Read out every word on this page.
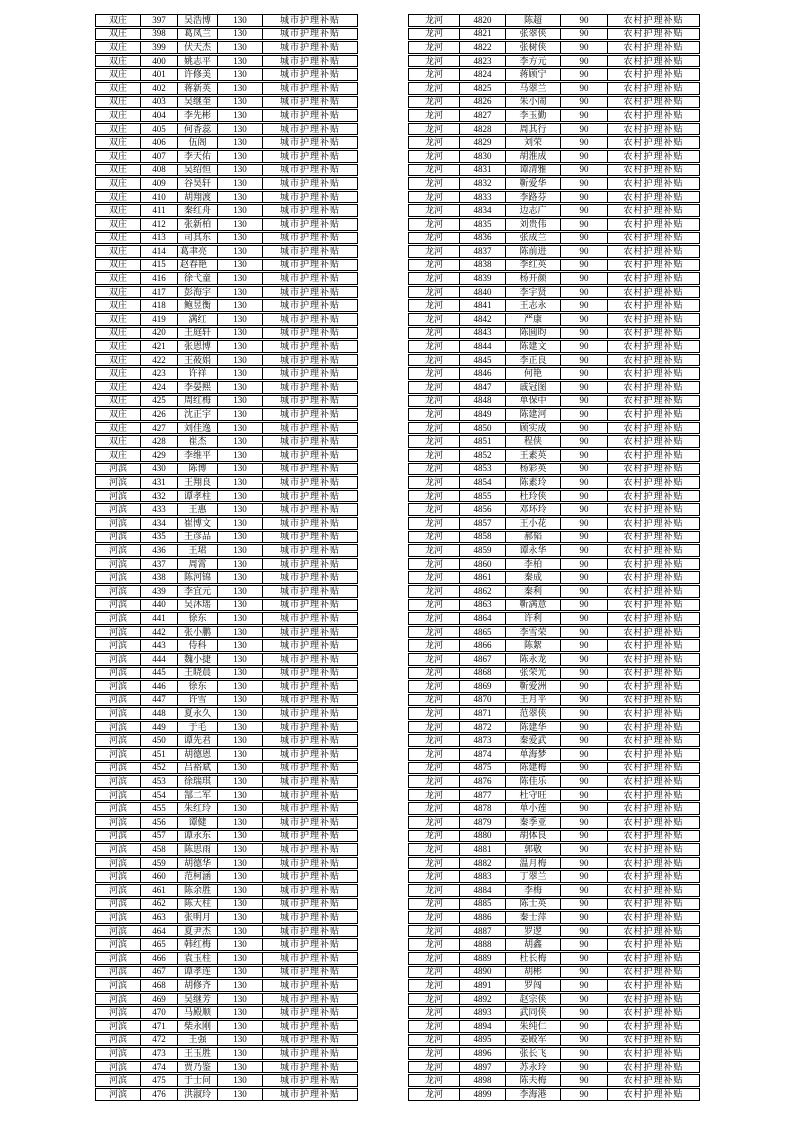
双庄	397	吴浩博	130	城市护理补贴
双庄	398	葛凤兰	130	城市护理补贴
双庄	399	伏天杰	130	城市护理补贴
双庄	400	姚志平	130	城市护理补贴
双庄	401	许修美	130	城市护理补贴
双庄	402	蒋新英	130	城市护理补贴
双庄	403	吴继奎	130	城市护理补贴
双庄	404	李先彬	130	城市护理补贴
双庄	405	何香蕊	130	城市护理补贴
双庄	406	伍阁	130	城市护理补贴
双庄	407	李天佑	130	城市护理补贴
双庄	408	吴绍恒	130	城市护理补贴
双庄	409	谷昊轩	130	城市护理补贴
双庄	410	胡翔渡	130	城市护理补贴
双庄	411	秦红舟	130	城市护理补贴
双庄	412	张新柏	130	城市护理补贴
双庄	413	司其东	130	城市护理补贴
双庄	414	葛聿亮	130	城市护理补贴
双庄	415	赵春艳	130	城市护理补贴
双庄	416	徐弋童	130	城市护理补贴
双庄	417	彭海宇	130	城市护理补贴
双庄	418	鲍昱衡	130	城市护理补贴
双庄	419	满红	130	城市护理补贴
双庄	420	王庭轩	130	城市护理补贴
双庄	421	张恩博	130	城市护理补贴
双庄	422	王莜娟	130	城市护理补贴
双庄	423	许祥	130	城市护理补贴
双庄	424	李晏熙	130	城市护理补贴
双庄	425	周红梅	130	城市护理补贴
双庄	426	沈正宇	130	城市护理补贴
双庄	427	刘佳逸	130	城市护理补贴
双庄	428	崔杰	130	城市护理补贴
双庄	429	李维平	130	城市护理补贴
河滨	430	陈博	130	城市护理补贴
河滨	431	王翔良	130	城市护理补贴
河滨	432	谭孝柱	130	城市护理补贴
河滨	433	王惠	130	城市护理补贴
河滨	434	崔博文	130	城市护理补贴
河滨	435	王彦品	130	城市护理补贴
河滨	436	王珺	130	城市护理补贴
河滨	437	周霄	130	城市护理补贴
河滨	438	陈河锦	130	城市护理补贴
河滨	439	李宜元	130	城市护理补贴
河滨	440	吴沐瑶	130	城市护理补贴
河滨	441	徐东	130	城市护理补贴
河滨	442	张小鹏	130	城市护理补贴
河滨	443	侍科	130	城市护理补贴
河滨	444	魏小捷	130	城市护理补贴
河滨	445	王晓晨	130	城市护理补贴
河滨	446	徐东	130	城市护理补贴
河滨	447	许雪	130	城市护理补贴
河滨	448	夏永久	130	城市护理补贴
河滨	449	于毛	130	城市护理补贴
河滨	450	谭先君	130	城市护理补贴
河滨	451	胡德恩	130	城市护理补贴
河滨	452	吕裕斌	130	城市护理补贴
河滨	453	徐瑞琪	130	城市护理补贴
河滨	454	郜二军	130	城市护理补贴
河滨	455	朱红玲	130	城市护理补贴
河滨	456	谭健	130	城市护理补贴
河滨	457	谭永东	130	城市护理补贴
河滨	458	陈思雨	130	城市护理补贴
河滨	459	胡德华	130	城市护理补贴
河滨	460	范柯涵	130	城市护理补贴
河滨	461	陈余胜	130	城市护理补贴
河滨	462	陈大柱	130	城市护理补贴
河滨	463	张明月	130	城市护理补贴
河滨	464	夏尹杰	130	城市护理补贴
河滨	465	韩红梅	130	城市护理补贴
河滨	466	袁玉柱	130	城市护理补贴
河滨	467	谭孝连	130	城市护理补贴
河滨	468	胡修齐	130	城市护理补贴
河滨	469	吴继芳	130	城市护理补贴
河滨	470	马殿顺	130	城市护理补贴
河滨	471	柴永刚	130	城市护理补贴
河滨	472	王强	130	城市护理补贴
河滨	473	王玉胜	130	城市护理补贴
河滨	474	贾乃鉴	130	城市护理补贴
河滨	475	于士问	130	城市护理补贴
河滨	476	洪淑玲	130	城市护理补贴
龙河	4820	陈超	90	农村护理补贴
龙河	4821	张翠侠	90	农村护理补贴
龙河	4822	张树侠	90	农村护理补贴
龙河	4823	李方元	90	农村护理补贴
龙河	4824	蒋顾宁	90	农村护理补贴
龙河	4825	马翠兰	90	农村护理补贴
龙河	4826	朱小闹	90	农村护理补贴
龙河	4827	李玉勤	90	农村护理补贴
龙河	4828	周其行	90	农村护理补贴
龙河	4829	刘荣	90	农村护理补贴
龙河	4830	胡淮成	90	农村护理补贴
龙河	4831	谭清雅	90	农村护理补贴
龙河	4832	靳爱华	90	农村护理补贴
龙河	4833	李路芬	90	农村护理补贴
龙河	4834	边志广	90	农村护理补贴
龙河	4835	刘贵伟	90	农村护理补贴
龙河	4836	张成兰	90	农村护理补贴
龙河	4837	陈前进	90	农村护理补贴
龙河	4838	李红英	90	农村护理补贴
龙河	4839	杨开颜	90	农村护理补贴
龙河	4840	李宇贤	90	农村护理补贴
龙河	4841	王志永	90	农村护理补贴
龙河	4842	严康	90	农村护理补贴
龙河	4843	陈圆昀	90	农村护理补贴
龙河	4844	陈建文	90	农村护理补贴
龙河	4845	李正良	90	农村护理补贴
龙河	4846	何艳	90	农村护理补贴
龙河	4847	戚冠图	90	农村护理补贴
龙河	4848	单保中	90	农村护理补贴
龙河	4849	陈建河	90	农村护理补贴
龙河	4850	顾实成	90	农村护理补贴
龙河	4851	程侠	90	农村护理补贴
龙河	4852	王素英	90	农村护理补贴
龙河	4853	杨彩英	90	农村护理补贴
龙河	4854	陈素玲	90	农村护理补贴
龙河	4855	杜玲侠	90	农村护理补贴
龙河	4856	邓环玲	90	农村护理补贴
龙河	4857	王小花	90	农村护理补贴
龙河	4858	郝韬	90	农村护理补贴
龙河	4859	谭永华	90	农村护理补贴
龙河	4860	李柏	90	农村护理补贴
龙河	4861	秦成	90	农村护理补贴
龙河	4862	秦利	90	农村护理补贴
龙河	4863	靳满意	90	农村护理补贴
龙河	4864	许利	90	农村护理补贴
龙河	4865	李雪荣	90	农村护理补贴
龙河	4866	陈絮	90	农村护理补贴
龙河	4867	陈永龙	90	农村护理补贴
龙河	4868	张荣光	90	农村护理补贴
龙河	4869	靳爱洲	90	农村护理补贴
龙河	4870	王月平	90	农村护理补贴
龙河	4871	范翠侠	90	农村护理补贴
龙河	4872	陈建华	90	农村护理补贴
龙河	4873	秦爱武	90	农村护理补贴
龙河	4874	单海梦	90	农村护理补贴
龙河	4875	陈建梅	90	农村护理补贴
龙河	4876	陈佳乐	90	农村护理补贴
龙河	4877	杜守旺	90	农村护理补贴
龙河	4878	单小莲	90	农村护理补贴
龙河	4879	秦季亚	90	农村护理补贴
龙河	4880	胡体良	90	农村护理补贴
龙河	4881	郭敬	90	农村护理补贴
龙河	4882	温月梅	90	农村护理补贴
龙河	4883	丁翠兰	90	农村护理补贴
龙河	4884	李梅	90	农村护理补贴
龙河	4885	陈士英	90	农村护理补贴
龙河	4886	秦士萍	90	农村护理补贴
龙河	4887	罗逻	90	农村护理补贴
龙河	4888	胡鑫	90	农村护理补贴
龙河	4889	杜长梅	90	农村护理补贴
龙河	4890	胡彬	90	农村护理补贴
龙河	4891	罗闯	90	农村护理补贴
龙河	4892	赵宗侠	90	农村护理补贴
龙河	4893	武同侠	90	农村护理补贴
龙河	4894	朱纯仁	90	农村护理补贴
龙河	4895	姜殿军	90	农村护理补贴
龙河	4896	张长飞	90	农村护理补贴
龙河	4897	苏永玲	90	农村护理补贴
龙河	4898	陈夫梅	90	农村护理补贴
龙河	4899	李海港	90	农村护理补贴
